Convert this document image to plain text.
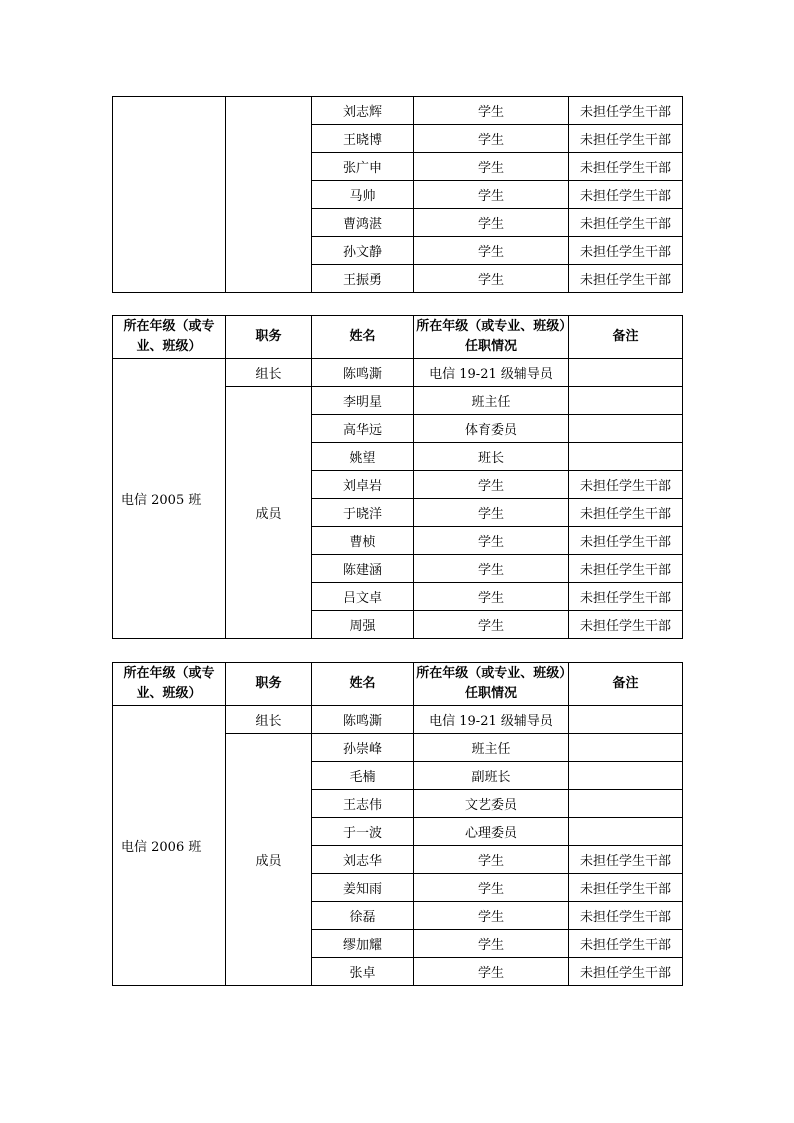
		刘志辉	学生	未担任学生干部
		王晓博	学生	未担任学生干部
		张广申	学生	未担任学生干部
		马帅	学生	未担任学生干部
		曹鸿湛	学生	未担任学生干部
		孙文静	学生	未担任学生干部
		王振勇	学生	未担任学生干部
所在年级（或专业、班级）	职务	姓名	所在年级（或专业、班级）任职情况	备注
电信 2005 班	组长	陈鸣澌	电信 19-21 级辅导员	
	成员	李明星	班主任	
		高华远	体育委员	
		姚望	班长	
		刘卓岩	学生	未担任学生干部
		于晓洋	学生	未担任学生干部
		曹桢	学生	未担任学生干部
		陈建涵	学生	未担任学生干部
		吕文卓	学生	未担任学生干部
		周强	学生	未担任学生干部
所在年级（或专业、班级）	职务	姓名	所在年级（或专业、班级）任职情况	备注
电信 2006 班	组长	陈鸣澌	电信 19-21 级辅导员	
	成员	孙崇峰	班主任	
		毛楠	副班长	
		王志伟	文艺委员	
		于一波	心理委员	
		刘志华	学生	未担任学生干部
		姜知雨	学生	未担任学生干部
		徐磊	学生	未担任学生干部
		缪加耀	学生	未担任学生干部
		张卓	学生	未担任学生干部
